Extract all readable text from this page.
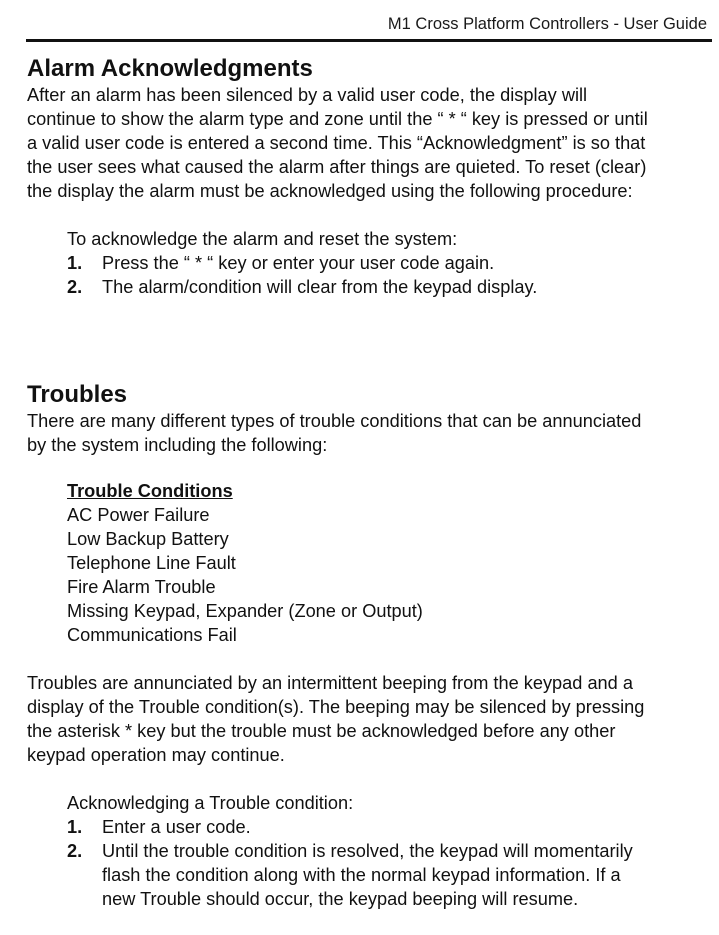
M1 Cross Platform Controllers - User Guide
Alarm Acknowledgments

After an alarm has been silenced by a valid user code, the display will
continue to show the alarm type and zone until the “ * “ key is pressed or until
a valid user code is entered a second time. This “Acknowledgment” is so that
the user sees what caused the alarm after things are quieted. To reset (clear)
the display the alarm must be acknowledged using the following procedure:

To acknowledge the alarm and reset the system:
1. Press the “ * “ key or enter your user code again.
2. The alarm/condition will clear from the keypad display.
Troubles

There are many different types of trouble conditions that can be annunciated
by the system including the following:

Trouble Conditions
AC Power Failure
Low Backup Battery
Telephone Line Fault
Fire Alarm Trouble
Missing Keypad, Expander (Zone or Output)
Communications Fail

Troubles are annunciated by an intermittent beeping from the keypad and a
display of the Trouble condition(s). The beeping may be silenced by pressing
the asterisk * key but the trouble must be acknowledged before any other
keypad operation may continue.

Acknowledging a Trouble condition:
1. Enter a user code.
2. Until the trouble condition is resolved, the keypad will momentarily
flash the condition along with the normal keypad information. If a
new Trouble should occur, the keypad beeping will resume.
